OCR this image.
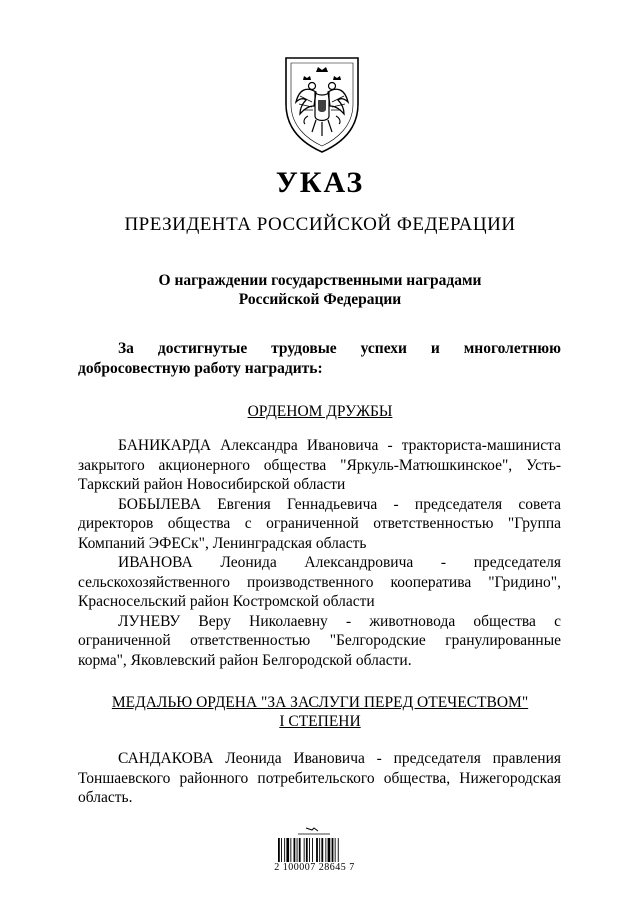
УКАЗ
ПРЕЗИДЕНТА РОССИЙСКОЙ ФЕДЕРАЦИИ
О награждении государственными наградами
Российской Федерации

За достигнутые трудовые успехи и многолетнюю

добросовестную работу наградить:

ОРДЕНОМ ДРУЖБЫ

БАНИКАРДА Александра Ивановича - тракториста-машиниста закрытого акционерного общества "Яркуль-Матюшкинское", Усть-Таркский район Новосибирской области

БОБЫЛЕВА Евгения Геннадьевича - председателя совета директоров общества с ограниченной ответственностью "Группа Компаний ЭФЕСк", Ленинградская область

ИВАНОВА Леонида Александровича - председателя сельскохозяйственного производственного кооператива "Гридино", Красносельский район Костромской области

ЛУНЕВУ Веру Николаевну - животновода общества с ограниченной ответственностью "Белгородские гранулированные корма", Яковлевский район Белгородской области.

МЕДАЛЬЮ ОРДЕНА "ЗА ЗАСЛУГИ ПЕРЕД ОТЕЧЕСТВОМ"
I СТЕПЕНИ

САНДАКОВА Леонида Ивановича - председателя правления Тоншаевского районного потребительского общества, Нижегородская область.

2 100007 28645 7
